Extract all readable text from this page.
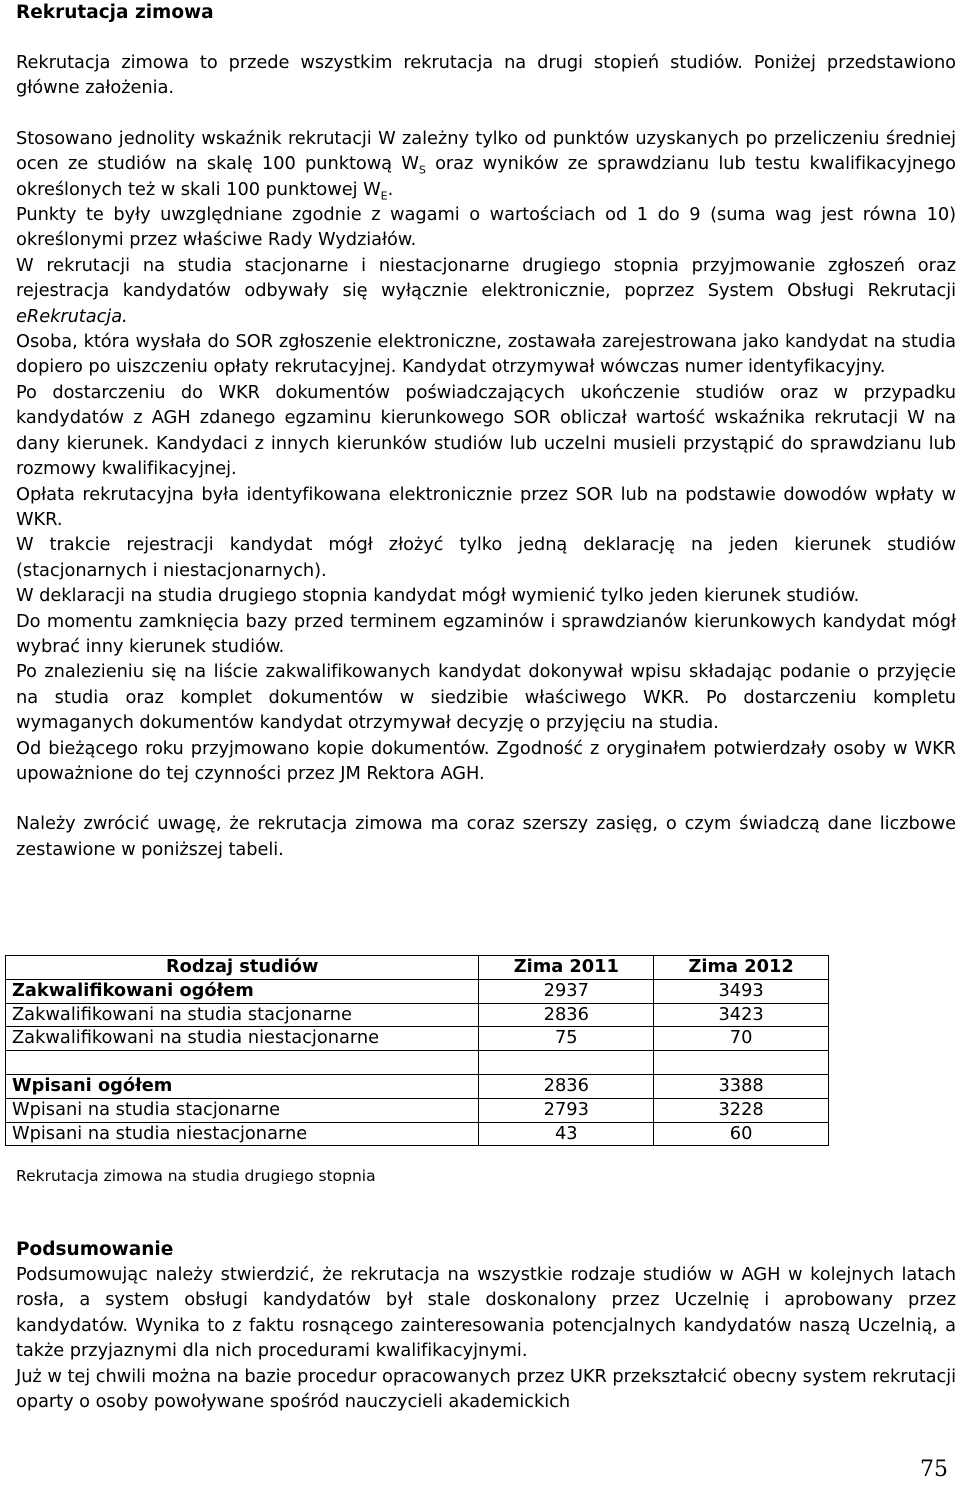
Rekrutacja zimowa

Rekrutacja zimowa to przede wszystkim rekrutacja na drugi stopień studiów. Poniżej przedstawiono główne założenia.

Stosowano jednolity wskaźnik rekrutacji W zależny tylko od punktów uzyskanych po przeliczeniu średniej ocen ze studiów na skalę 100 punktową $W_S$ oraz wyników ze sprawdzianu lub testu kwalifikacyjnego określonych też w skali 100 punktowej $W_E$.

Punkty te były uwzględniane zgodnie z wagami o wartościach od 1 do 9 (suma wag jest równa 10) określonymi przez właściwe Rady Wydziałów.

W rekrutacji na studia stacjonarne i niestacjonarne drugiego stopnia przyjmowanie zgłoszeń oraz rejestracja kandydatów odbywały się wyłącznie elektronicznie, poprzez System Obsługi Rekrutacji eRekrutacja.

Osoba, która wysłała do SOR zgłoszenie elektroniczne, zostawała zarejestrowana jako kandydat na studia dopiero po uiszczeniu opłaty rekrutacyjnej. Kandydat otrzymywał wówczas numer identyfikacyjny.

Po dostarczeniu do WKR dokumentów poświadczających ukończenie studiów oraz w przypadku kandydatów z AGH zdanego egzaminu kierunkowego SOR obliczał wartość wskaźnika rekrutacji W na dany kierunek. Kandydaci z innych kierunków studiów lub uczelni musieli przystąpić do sprawdzianu lub rozmowy kwalifikacyjnej.

Opłata rekrutacyjna była identyfikowana elektronicznie przez SOR lub na podstawie dowodów wpłaty w WKR.

W trakcie rejestracji kandydat mógł złożyć tylko jedną deklarację na jeden kierunek studiów (stacjonarnych i niestacjonarnych).

W deklaracji na studia drugiego stopnia kandydat mógł wymienić tylko jeden kierunek studiów.

Do momentu zamknięcia bazy przed terminem egzaminów i sprawdzianów kierunkowych kandydat mógł wybrać inny kierunek studiów.

Po znalezieniu się na liście zakwalifikowanych kandydat dokonywał wpisu składając podanie o przyjęcie na studia oraz komplet dokumentów w siedzibie właściwego WKR. Po dostarczeniu kompletu wymaganych dokumentów kandydat otrzymywał decyzję o przyjęciu na studia.

Od bieżącego roku przyjmowano kopie dokumentów. Zgodność z oryginałem potwierdzały osoby w WKR upoważnione do tej czynności przez JM Rektora AGH.

Należy zwrócić uwagę, że rekrutacja zimowa ma coraz szerszy zasięg, o czym świadczą dane liczbowe zestawione w poniższej tabeli.

Rodzaj studiów	Zima 2011	Zima 2012
Zakwalifikowani ogółem	2937	3493
Zakwalifikowani na studia stacjonarne	2836	3423
Zakwalifikowani na studia niestacjonarne	75	70

Wpisani ogółem	2836	3388
Wpisani na studia stacjonarne	2793	3228
Wpisani na studia niestacjonarne	43	60
Rekrutacja zimowa na studia drugiego stopnia

Podsumowanie

Podsumowując należy stwierdzić, że rekrutacja na wszystkie rodzaje studiów w AGH w kolejnych latach rosła, a system obsługi kandydatów był stale doskonalony przez Uczelnię i aprobowany przez kandydatów. Wynika to z faktu rosnącego zainteresowania potencjalnych kandydatów naszą Uczelnią, a także przyjaznymi dla nich procedurami kwalifikacyjnymi.

Już w tej chwili można na bazie procedur opracowanych przez UKR przekształcić obecny system rekrutacji oparty o osoby powoływane spośród nauczycieli akademickich

75
